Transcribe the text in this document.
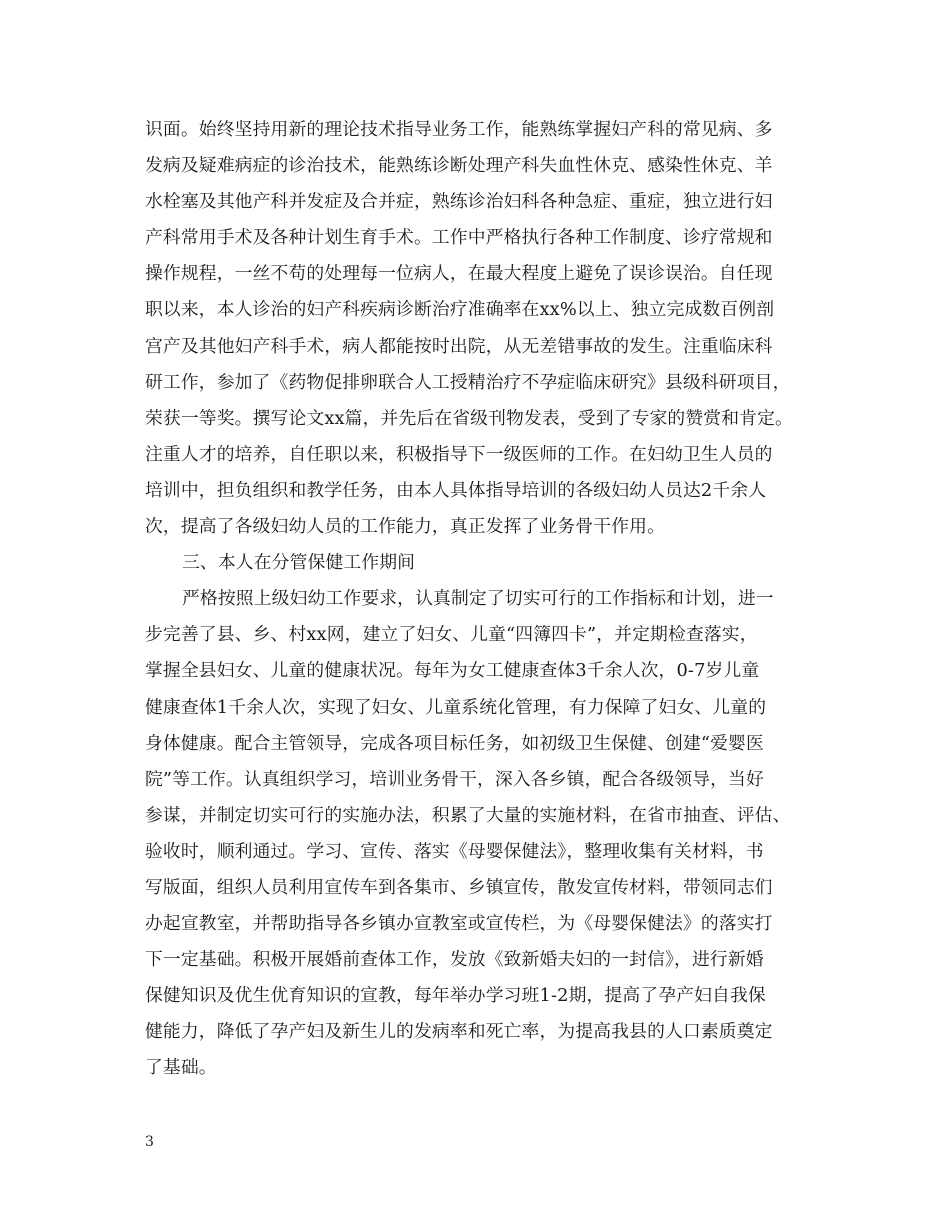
识面。始终坚持用新的理论技术指导业务工作，能熟练掌握妇产科的常见病、多
发病及疑难病症的诊治技术，能熟练诊断处理产科失血性休克、感染性休克、羊
水栓塞及其他产科并发症及合并症，熟练诊治妇科各种急症、重症，独立进行妇
产科常用手术及各种计划生育手术。工作中严格执行各种工作制度、诊疗常规和
操作规程，一丝不苟的处理每一位病人，在最大程度上避免了误诊误治。自任现
职以来，本人诊治的妇产科疾病诊断治疗准确率在xx%以上、独立完成数百例剖
宫产及其他妇产科手术，病人都能按时出院，从无差错事故的发生。注重临床科
研工作，参加了《药物促排卵联合人工授精治疗不孕症临床研究》县级科研项目，
荣获一等奖。撰写论文xx篇，并先后在省级刊物发表，受到了专家的赞赏和肯定。
注重人才的培养，自任职以来，积极指导下一级医师的工作。在妇幼卫生人员的
培训中，担负组织和教学任务，由本人具体指导培训的各级妇幼人员达2千余人
次，提高了各级妇幼人员的工作能力，真正发挥了业务骨干作用。
三、本人在分管保健工作期间
严格按照上级妇幼工作要求，认真制定了切实可行的工作指标和计划，进一
步完善了县、乡、村xx网，建立了妇女、儿童“四簿四卡”，并定期检查落实，
掌握全县妇女、儿童的健康状况。每年为女工健康查体3千余人次，0-7岁儿童
健康查体1千余人次，实现了妇女、儿童系统化管理，有力保障了妇女、儿童的
身体健康。配合主管领导，完成各项目标任务，如初级卫生保健、创建“爱婴医
院”等工作。认真组织学习，培训业务骨干，深入各乡镇，配合各级领导，当好
参谋，并制定切实可行的实施办法，积累了大量的实施材料，在省市抽查、评估、
验收时，顺利通过。学习、宣传、落实《母婴保健法》，整理收集有关材料，书
写版面，组织人员利用宣传车到各集市、乡镇宣传，散发宣传材料，带领同志们
办起宣教室，并帮助指导各乡镇办宣教室或宣传栏，为《母婴保健法》的落实打
下一定基础。积极开展婚前查体工作，发放《致新婚夫妇的一封信》，进行新婚
保健知识及优生优育知识的宣教，每年举办学习班1-2期，提高了孕产妇自我保
健能力，降低了孕产妇及新生儿的发病率和死亡率，为提高我县的人口素质奠定
了基础。
3
